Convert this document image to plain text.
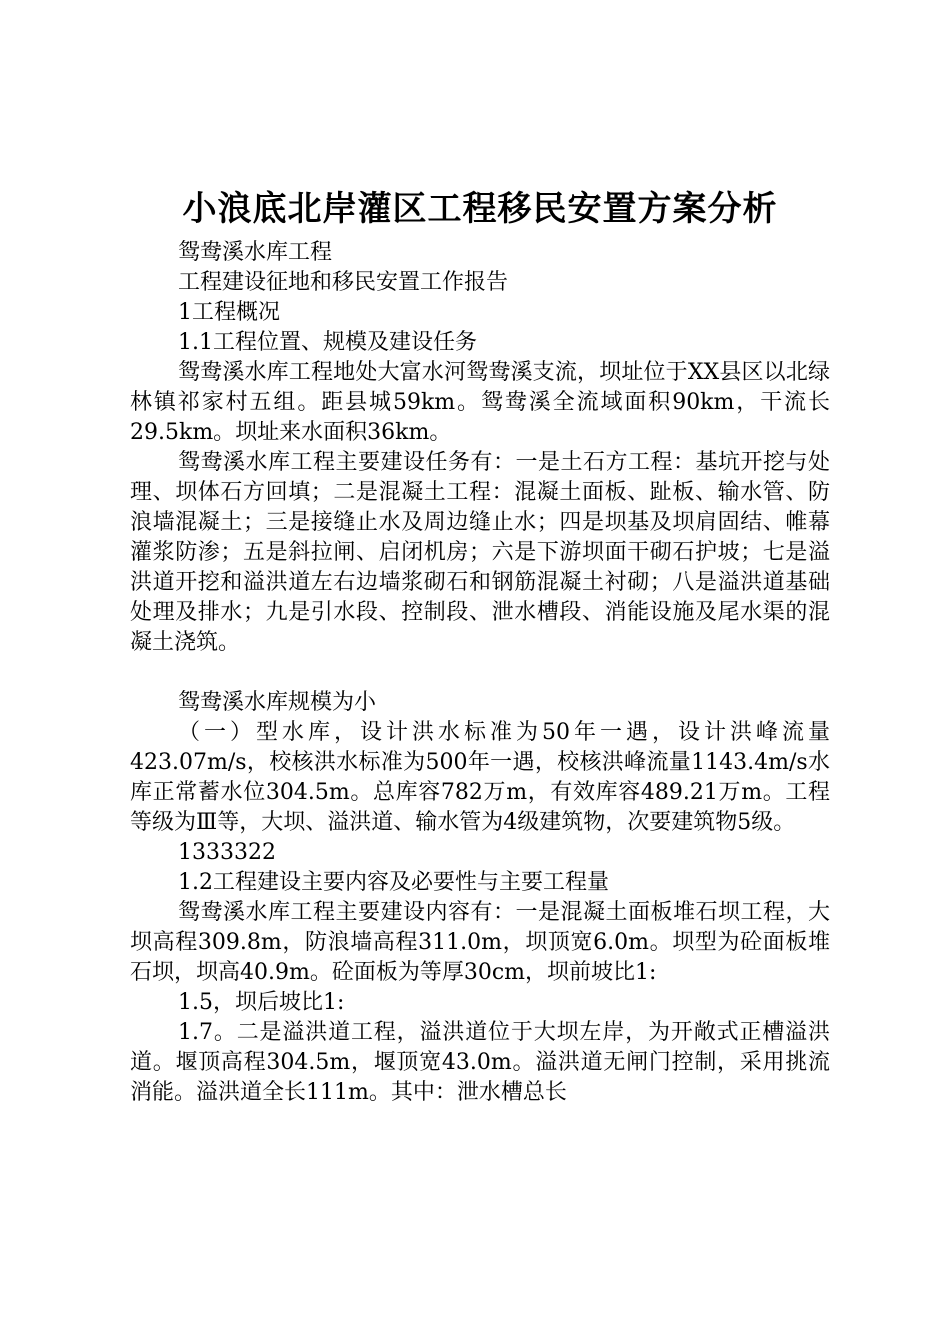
小浪底北岸灌区工程移民安置方案分析

鸳鸯溪水库工程

工程建设征地和移民安置工作报告

1工程概况

1.1工程位置、规模及建设任务

鸳鸯溪水库工程地处大富水河鸳鸯溪支流，坝址位于XX县区以北绿林镇祁家村五组。距县城59km。鸳鸯溪全流域面积90km，干流长29.5km。坝址来水面积36km。

鸳鸯溪水库工程主要建设任务有：一是土石方工程：基坑开挖与处理、坝体石方回填；二是混凝土工程：混凝土面板、趾板、输水管、防浪墙混凝土；三是接缝止水及周边缝止水；四是坝基及坝肩固结、帷幕灌浆防渗；五是斜拉闸、启闭机房；六是下游坝面干砌石护坡；七是溢洪道开挖和溢洪道左右边墙浆砌石和钢筋混凝土衬砌；八是溢洪道基础处理及排水；九是引水段、控制段、泄水槽段、消能设施及尾水渠的混凝土浇筑。

鸳鸯溪水库规模为小

（一）型水库，设计洪水标准为50年一遇，设计洪峰流量423.07m/s，校核洪水标准为500年一遇，校核洪峰流量1143.4m/s水库正常蓄水位304.5m。总库容782万m，有效库容489.21万m。工程等级为Ⅲ等，大坝、溢洪道、输水管为4级建筑物，次要建筑物5级。

1333322

1.2工程建设主要内容及必要性与主要工程量

鸳鸯溪水库工程主要建设内容有：一是混凝土面板堆石坝工程，大坝高程309.8m，防浪墙高程311.0m，坝顶宽6.0m。坝型为砼面板堆石坝，坝高40.9m。砼面板为等厚30cm，坝前坡比1:

1.5，坝后坡比1:

1.7。二是溢洪道工程，溢洪道位于大坝左岸，为开敞式正槽溢洪道。堰顶高程304.5m，堰顶宽43.0m。溢洪道无闸门控制，采用挑流消能。溢洪道全长111m。其中：泄水槽总长
